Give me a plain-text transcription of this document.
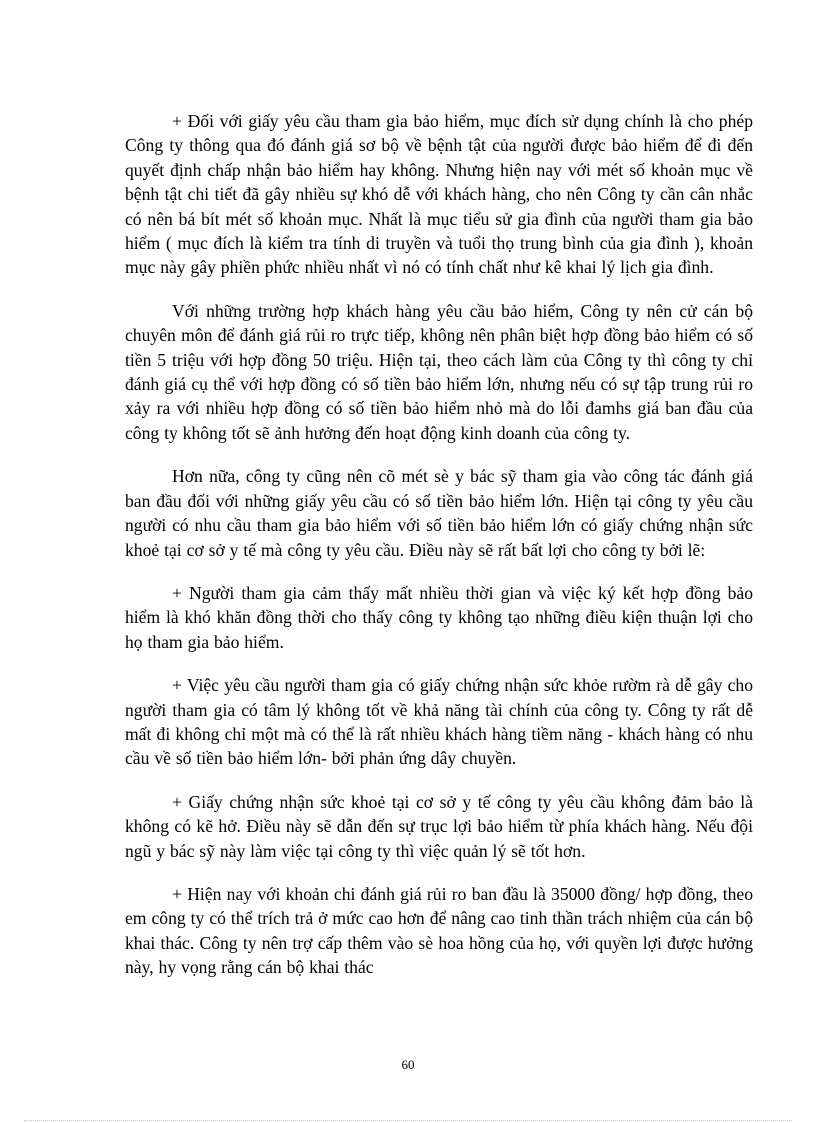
+ Đối với giấy yêu cầu tham gia bảo hiểm, mục đích sử dụng chính là cho phép Công ty thông qua đó đánh giá sơ bộ về bệnh tật của người được bảo hiểm để đi đến quyết định chấp nhận bảo hiểm hay không. Nhưng hiện nay với mét số khoản mục về bệnh tật chi tiết đã gây nhiều sự khó dễ với khách hàng, cho nên Công ty cần cân nhắc có nên bá bít mét số khoản mục. Nhất là mục tiểu sử gia đình của người tham gia bảo hiểm ( mục đích là kiểm tra tính di truyền và tuổi thọ trung bình của gia đình ), khoản mục này gây phiền phức nhiều nhất vì nó có tính chất như kê khai lý lịch gia đình.

Với những trường hợp khách hàng yêu cầu bảo hiểm, Công ty nên cử cán bộ chuyên môn để đánh giá rủi ro trực tiếp, không nên phân biệt hợp đồng bảo hiểm có số tiền 5 triệu với hợp đồng 50 triệu. Hiện tại, theo cách làm của Công ty thì công ty chỉ đánh giá cụ thể với hợp đồng có số tiền bảo hiểm lớn, nhưng nếu có sự tập trung rủi ro xảy ra với nhiều hợp đồng có số tiền bảo hiểm nhỏ mà do lỗi đamhs giá ban đầu của công ty không tốt sẽ ảnh hưởng đến hoạt động kinh doanh của công ty.

Hơn nữa, công ty cũng nên cõ mét sè y bác sỹ tham gia vào công tác đánh giá ban đầu đối với những giấy yêu cầu có số tiền bảo hiểm lớn. Hiện tại công ty yêu cầu người có nhu cầu tham gia bảo hiểm với số tiền bảo hiểm lớn có giấy chứng nhận sức khoẻ tại cơ sở y tế mà công ty yêu cầu. Điều này sẽ rất bất lợi cho công ty bởi lẽ:

+ Người tham gia cảm thấy mất nhiều thời gian và việc ký kết hợp đồng bảo hiểm là khó khăn đồng thời cho thấy công ty không tạo những điều kiện thuận lợi cho họ tham gia bảo hiểm.

+ Việc yêu cầu người tham gia có giấy chứng nhận sức khỏe rườm rà dễ gây cho người tham gia có tâm lý không tốt về khả năng tài chính của công ty. Công ty rất dễ mất đi không chỉ một mà có thể là rất nhiều khách hàng tiềm năng - khách hàng có nhu cầu về số tiền bảo hiểm lớn- bởi phản ứng dây chuyền.

+ Giấy chứng nhận sức khoẻ tại cơ sở y tế công ty yêu cầu không đảm bảo là không có kẽ hở. Điều này sẽ dẫn đến sự trục lợi bảo hiểm từ phía khách hàng. Nếu đội ngũ y bác sỹ này làm việc tại công ty thì việc quản lý sẽ tốt hơn.

+ Hiện nay với khoản chi đánh giá rủi ro ban đầu là 35000 đồng/ hợp đồng, theo em công ty có thể trích trả ở mức cao hơn để nâng cao tinh thần trách nhiệm của cán bộ khai thác. Công ty nên trợ cấp thêm vào sè hoa hồng của họ, với quyền lợi được hưởng này, hy vọng rằng cán bộ khai thác

60
